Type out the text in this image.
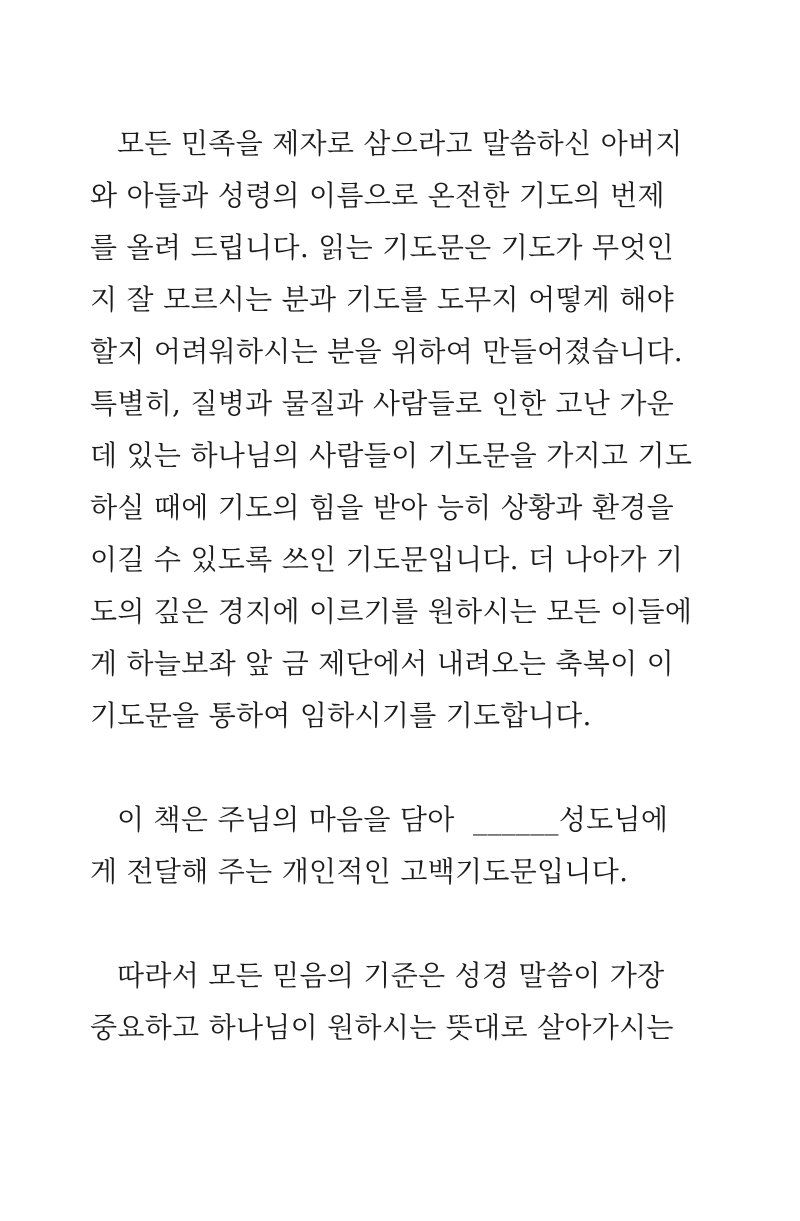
모든 민족을 제자로 삼으라고 말씀하신 아버지
와 아들과 성령의 이름으로 온전한 기도의 번제
를 올려 드립니다. 읽는 기도문은 기도가 무엇인
지 잘 모르시는 분과 기도를 도무지 어떻게 해야
할지 어려워하시는 분을 위하여 만들어졌습니다.
특별히, 질병과 물질과 사람들로 인한 고난 가운
데 있는 하나님의 사람들이 기도문을 가지고 기도
하실 때에 기도의 힘을 받아 능히 상황과 환경을
이길 수 있도록 쓰인 기도문입니다. 더 나아가 기
도의 깊은 경지에 이르기를 원하시는 모든 이들에
게 하늘보좌 앞 금 제단에서 내려오는 축복이 이
기도문을 통하여 임하시기를 기도합니다.

이 책은 주님의 마음을 담아  ______성도님에
게 전달해 주는 개인적인 고백기도문입니다.

따라서 모든 믿음의 기준은 성경 말씀이 가장
중요하고 하나님이 원하시는 뜻대로 살아가시는
